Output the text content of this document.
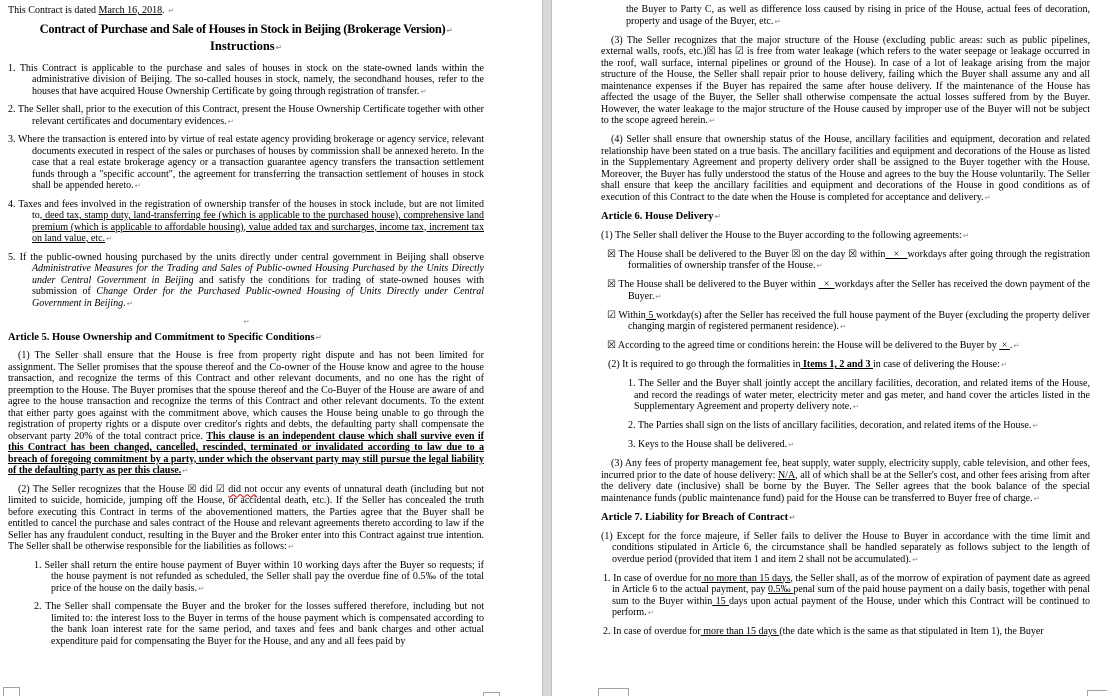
This Contract is dated March 16, 2018. ↵
Contract of Purchase and Sale of Houses in Stock in Beijing (Brokerage Version)↵
Instructions↵
1. This Contract is applicable to the purchase and sales of houses in stock on the state-owned lands within the administrative division of Beijing. The so-called houses in stock, namely, the secondhand houses, refer to the houses that have acquired House Ownership Certificate by going through registration of transfer.↵
2. The Seller shall, prior to the execution of this Contract, present the House Ownership Certificate together with other relevant certificates and documentary evidences.↵
3. Where the transaction is entered into by virtue of real estate agency providing brokerage or agency service, relevant documents executed in respect of the sales or purchases of houses by commission shall be annexed hereto. In the case that a real estate brokerage agency or a transaction guarantee agency transfers the transaction settlement funds through a "specific account", the agreement for transferring the transaction settlement of houses in stock shall be appended hereto.↵
4. Taxes and fees involved in the registration of ownership transfer of the houses in stock include, but are not limited to, deed tax, stamp duty, land-transferring fee (which is applicable to the purchased house), comprehensive land premium (which is applicable to affordable housing), value added tax and surcharges, income tax, increment tax on land value, etc.↵
5. If the public-owned housing purchased by the units directly under central government in Beijing shall observe Administrative Measures for the Trading and Sales of Public-owned Housing Purchased by the Units Directly under Central Government in Beijing and satisfy the conditions for trading of state-owned houses with submission of Change Order for the Purchased Public-owned Housing of Units Directly under Central Government in Beijing.↵
↵
Article 5. House Ownership and Commitment to Specific Conditions↵
(1) The Seller shall ensure that the House is free from property right dispute and has not been limited for assignment. The Seller promises that the spouse thereof and the Co-owner of the House know and agree to the house transaction, and recognize the terms of this Contract and other relevant documents, and no one has the right of preemption to the House. The Buyer promises that the spouse thereof and the Co-Buyer of the House are aware of and agree to the house transaction and recognize the terms of this Contract and other relevant documents. To the extent that either party goes against with the commitment above, which causes the House being unable to go through the registration of property rights or a dispute over creditor's rights and debts, the defaulting party shall compensate the observant party 20% of the total contract price. This clause is an independent clause which shall survive even if this Contract has been changed, cancelled, rescinded, terminated or invalidated according to law due to a breach of foregoing commitment by a party, under which the observant party may still pursue the legal liability of the defaulting party as per this clause.↵
(2) The Seller recognizes that the House ☒ did ☑ did not occur any events of unnatural death (including but not limited to suicide, homicide, jumping off the House, or accidental death, etc.). If the Seller has concealed the truth before executing this Contract in terms of the abovementioned matters, the Parties agree that the Buyer shall be entitled to cancel the purchase and sales contract of the House and relevant agreements thereto according to law if the Seller has any fraudulent conduct, resulting in the Buyer and the Broker enter into this Contract against true intention. The Seller shall be otherwise responsible for the liabilities as follows:↵
1. Seller shall return the entire house payment of Buyer within 10 working days after the Buyer so requests; if the house payment is not refunded as scheduled, the Seller shall pay the overdue fine of 0.5‰ of the total price of the house on the daily basis.↵
2. The Seller shall compensate the Buyer and the broker for the losses suffered therefore, including but not limited to: the interest loss to the Buyer in terms of the house payment which is compensated according to the bank loan interest rate for the same period, and taxes and fees and bank charges and other actual expenditure paid for compensating the Buyer for the House, and any and all fees paid by
the Buyer to Party C, as well as difference loss caused by rising in price of the House, actual fees of decoration, property and usage of the Buyer, etc.↵
(3) The Seller recognizes that the major structure of the House (excluding public areas: such as public pipelines, external walls, roofs, etc.)☒ has ☑ is free from water leakage (which refers to the water seepage or leakage occurred in the roof, wall surface, internal pipelines or ground of the House). In case of a lot of leakage arising from the major structure of the House, the Seller shall repair prior to house delivery, failing which the Buyer shall assume any and all maintenance expenses if the Buyer has repaired the same after house delivery. If the maintenance of the House has affected the usage of the Buyer, the Seller shall otherwise compensate the actual losses suffered from by the Buyer. However, the water leakage to the major structure of the House caused by improper use of the Buyer will not be subject to the scope agreed herein.↵
(4) Seller shall ensure that ownership status of the House, ancillary facilities and equipment, decoration and related relationship have been stated on a true basis. The ancillary facilities and equipment and decorations of the House as listed in the Supplementary Agreement and property delivery order shall be assigned to the Buyer together with the House. Moreover, the Buyer has fully understood the status of the House and agrees to the buy the House voluntarily. The Seller shall ensure that keep the ancillary facilities and equipment and decorations of the House in good conditions as of execution of this Contract to the date when the House is completed for acceptance and delivery.↵
Article 6. House Delivery↵
(1) The Seller shall deliver the House to the Buyer according to the following agreements:↵
☒ The House shall be delivered to the Buyer ☒ on the day ☒ within   ×   workdays after going through the registration formalities of ownership transfer of the House.↵
☒ The House shall be delivered to the Buyer within   ×  workdays after the Seller has received the down payment of the Buyer.↵
☑ Within 5 workday(s) after the Seller has received the full house payment of the Buyer (excluding the property deliver changing margin of registered permanent residence).↵
☒ According to the agreed time or conditions herein: the House will be delivered to the Buyer by  × .↵
(2) It is required to go through the formalities in Items 1, 2 and 3 in case of delivering the House:↵
1. The Seller and the Buyer shall jointly accept the ancillary facilities, decoration, and related items of the House, and record the readings of water meter, electricity meter and gas meter, and hand cover the articles listed in the Supplementary Agreement and property delivery note.↵
2. The Parties shall sign on the lists of ancillary facilities, decoration, and related items of the House.↵
3. Keys to the House shall be delivered.↵
(3) Any fees of property management fee, heat supply, water supply, electricity supply, cable television, and other fees, incurred prior to the date of house delivery: N/A, all of which shall be at the Seller's cost, and other fees arising from after the delivery date (inclusive) shall be borne by the Buyer. The Seller agrees that the book balance of the special maintenance funds (public maintenance fund) paid for the House can be transferred to Buyer free of charge.↵
Article 7. Liability for Breach of Contract↵
(1) Except for the force majeure, if Seller fails to deliver the House to Buyer in accordance with the time limit and conditions stipulated in Article 6, the circumstance shall be handled separately as follows subject to the length of overdue period (provided that item 1 and item 2 shall not be accumulated).↵
1. In case of overdue for no more than 15 days, the Seller shall, as of the morrow of expiration of payment date as agreed in Article 6 to the actual payment, pay 0.5‰ penal sum of the paid house payment on a daily basis, together with penal sum to the Buyer within 15 days upon actual payment of the House, under which this Contract will be continued to perform.↵
2. In case of overdue for more than 15 days (the date which is the same as that stipulated in Item 1), the Buyer
